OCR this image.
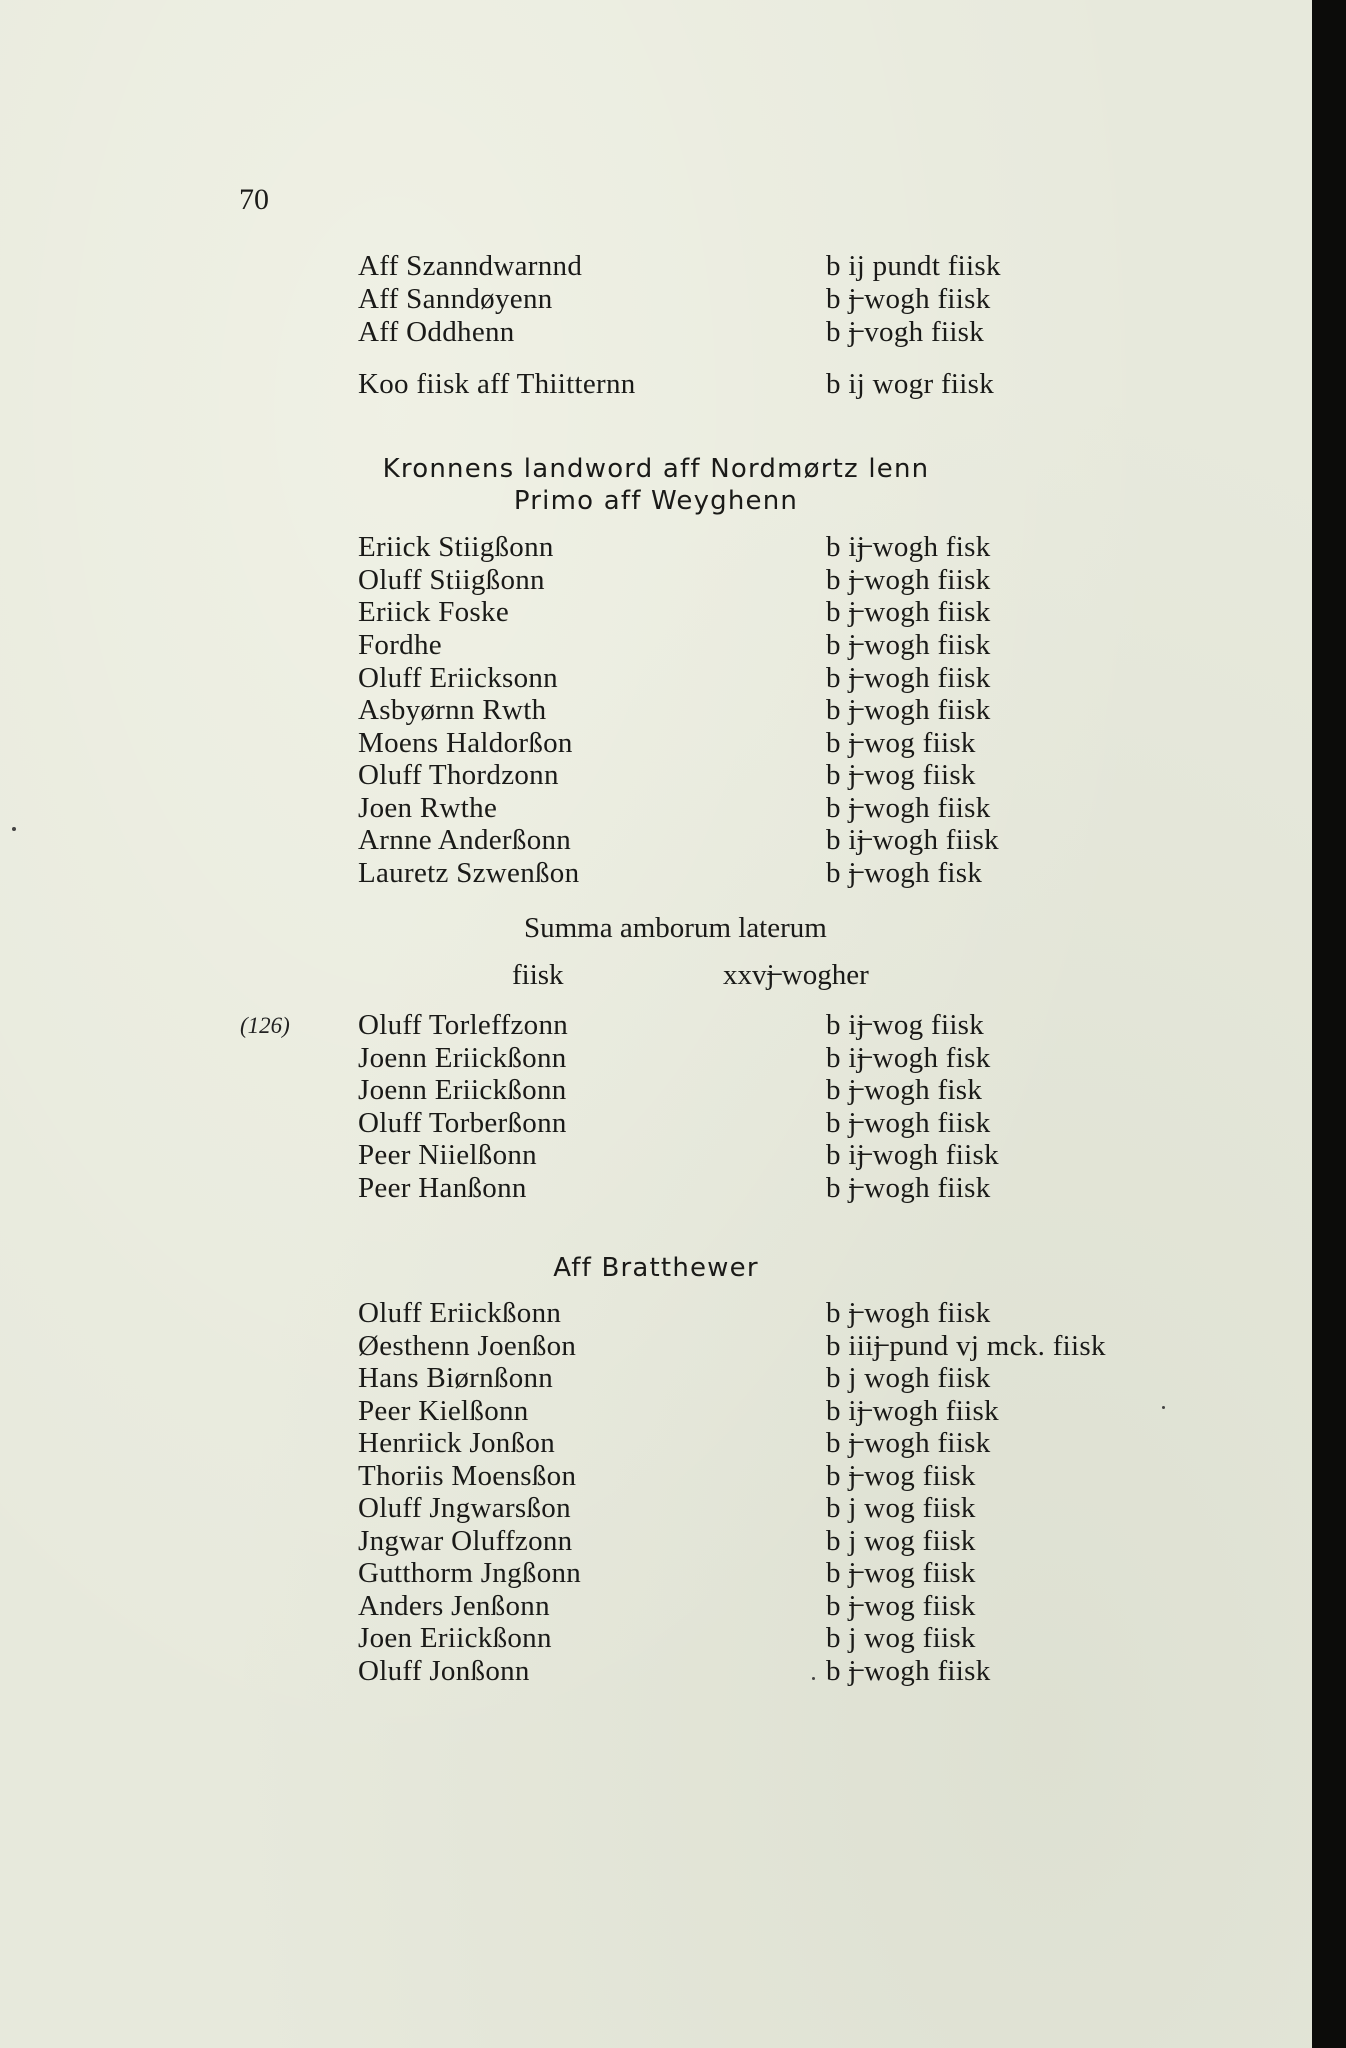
70
Aff Szanndwarnnd	b ij pundt fiisk
Aff Sanndøyenn	b j̶ wogh fiisk
Aff Oddhenn	b j̶ vogh fiisk
Koo fiisk aff Thiitternn	b ij wogr fiisk
Kronnens landword aff Nordmørtz lenn
Primo aff Weyghenn
Eriick Stiigßonn	b ij̶ wogh fisk
Oluff Stiigßonn	b j̶ wogh fiisk
Eriick Foske	b j̶ wogh fiisk
Fordhe	b j̶ wogh fiisk
Oluff Eriicksonn	b j̶ wogh fiisk
Asbyørnn Rwth	b j̶ wogh fiisk
Moens Haldorßon	b j̶ wog fiisk
Oluff Thordzonn	b j̶ wog fiisk
Joen Rwthe	b j̶ wogh fiisk
Arnne Anderßonn	b ij̶ wogh fiisk
Lauretz Szwenßon	b j̶ wogh fisk
Summa amborum laterum
fiisk	xxvj̶ wogher
(126) Oluff Torleffzonn	b ij̶ wog fiisk
Joenn Eriickßonn	b ij̶ wogh fisk
Joenn Eriickßonn	b j̶ wogh fisk
Oluff Torberßonn	b j̶ wogh fiisk
Peer Niielßonn	b ij̶ wogh fiisk
Peer Hanßonn	b j̶ wogh fiisk
Aff Bratthewer
Oluff Eriickßonn	b j̶ wogh fiisk
Øesthenn Joenßon	b iiij̶ pund vj mck. fiisk
Hans Biørnßonn	b j wogh fiisk
Peer Kielßonn	b ij̶ wogh fiisk
Henriick Jonßon	b j̶ wogh fiisk
Thoriis Moensßon	b j̶ wog fiisk
Oluff Jngwarsßon	b j wog fiisk
Jngwar Oluffzonn	b j wog fiisk
Gutthorm Jngßonn	b j̶ wog fiisk
Anders Jenßonn	b j̶ wog fiisk
Joen Eriickßonn	b j wog fiisk
Oluff Jonßonn	b j̶ wogh fiisk
